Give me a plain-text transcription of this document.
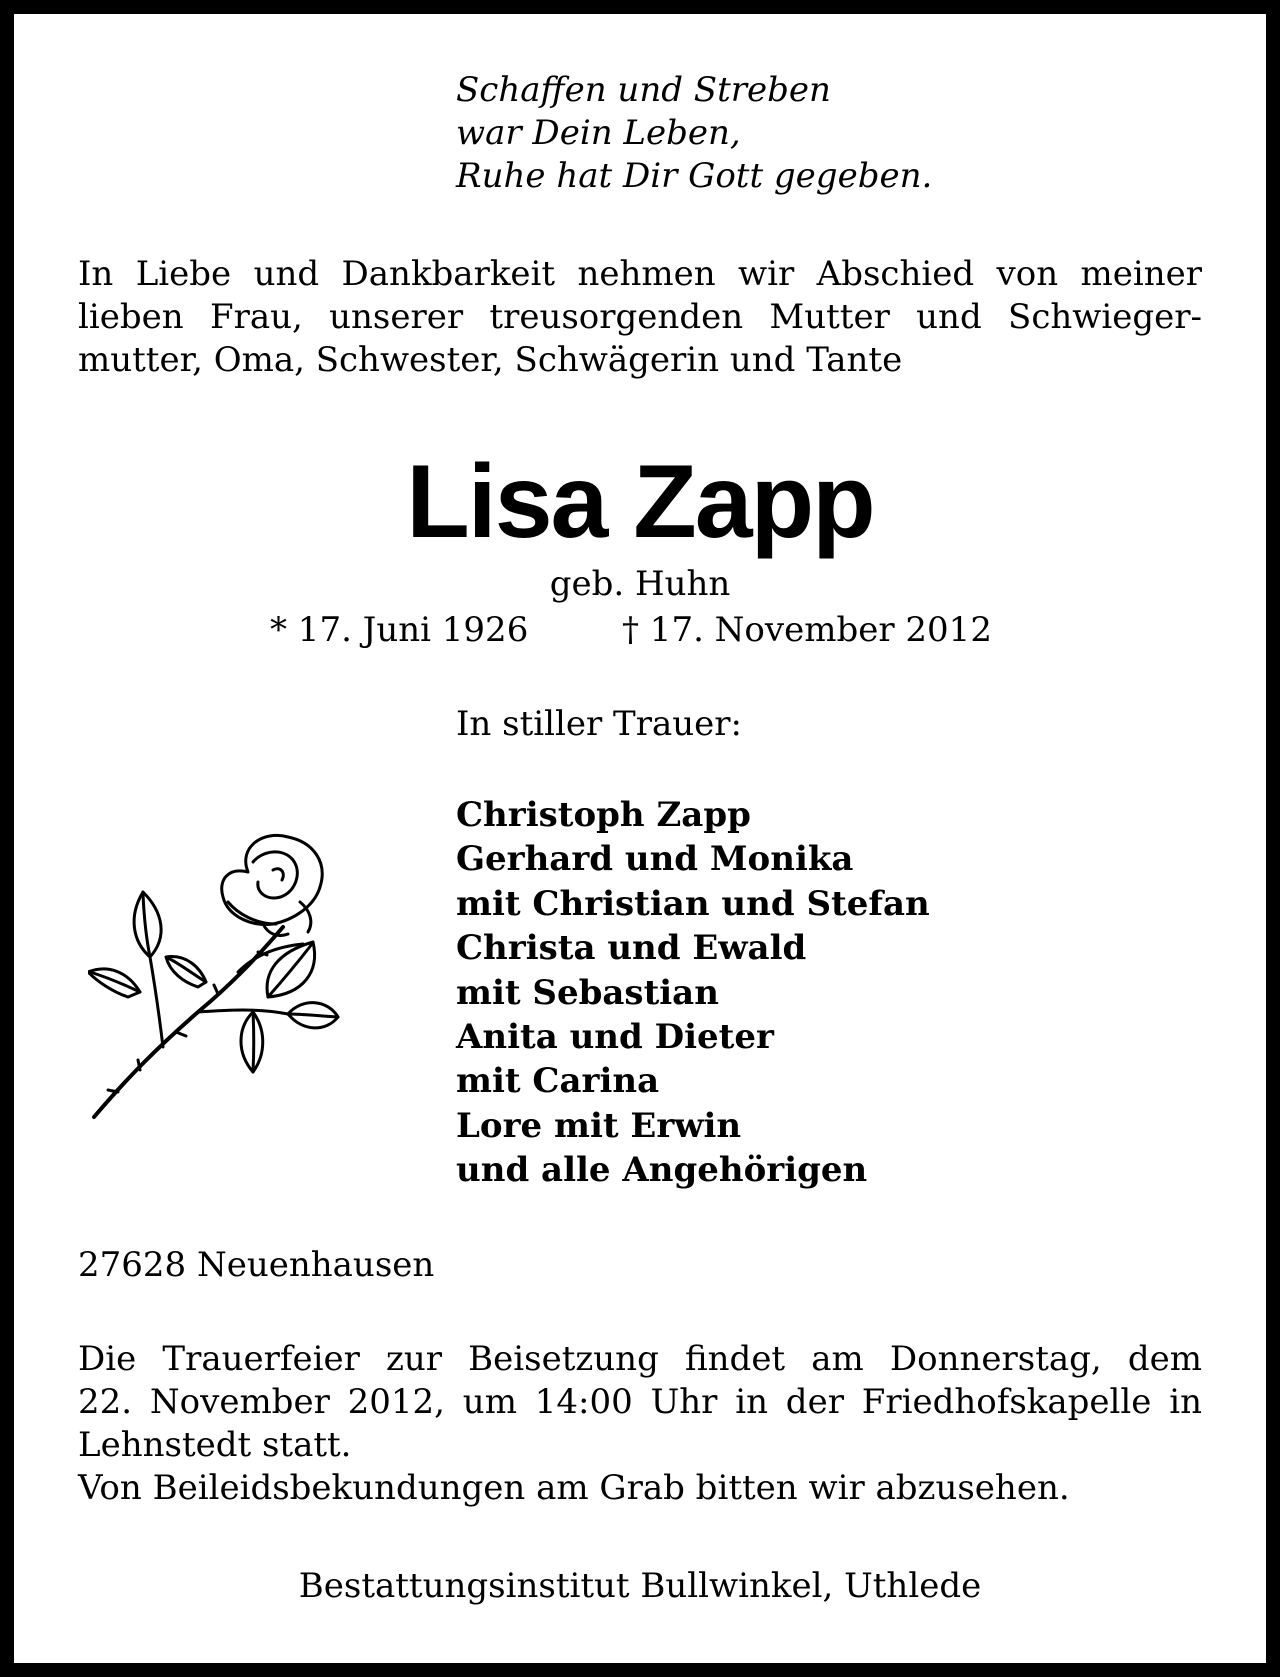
Schaffen und Streben
war Dein Leben,
Ruhe hat Dir Gott gegeben.
In Liebe und Dankbarkeit nehmen wir Abschied von meiner
lieben Frau, unserer treusorgenden Mutter und Schwieger-
mutter, Oma, Schwester, Schwägerin und Tante
Lisa Zapp
geb. Huhn
* 17. Juni 1926	† 17. November 2012
In stiller Trauer:
Christoph Zapp
Gerhard und Monika
mit Christian und Stefan
Christa und Ewald
mit Sebastian
Anita und Dieter
mit Carina
Lore mit Erwin
und alle Angehörigen
27628 Neuenhausen
Die Trauerfeier zur Beisetzung findet am Donnerstag, dem
22. November 2012, um 14:00 Uhr in der Friedhofskapelle in
Lehnstedt statt.
Von Beileidsbekundungen am Grab bitten wir abzusehen.
Bestattungsinstitut Bullwinkel, Uthlede
